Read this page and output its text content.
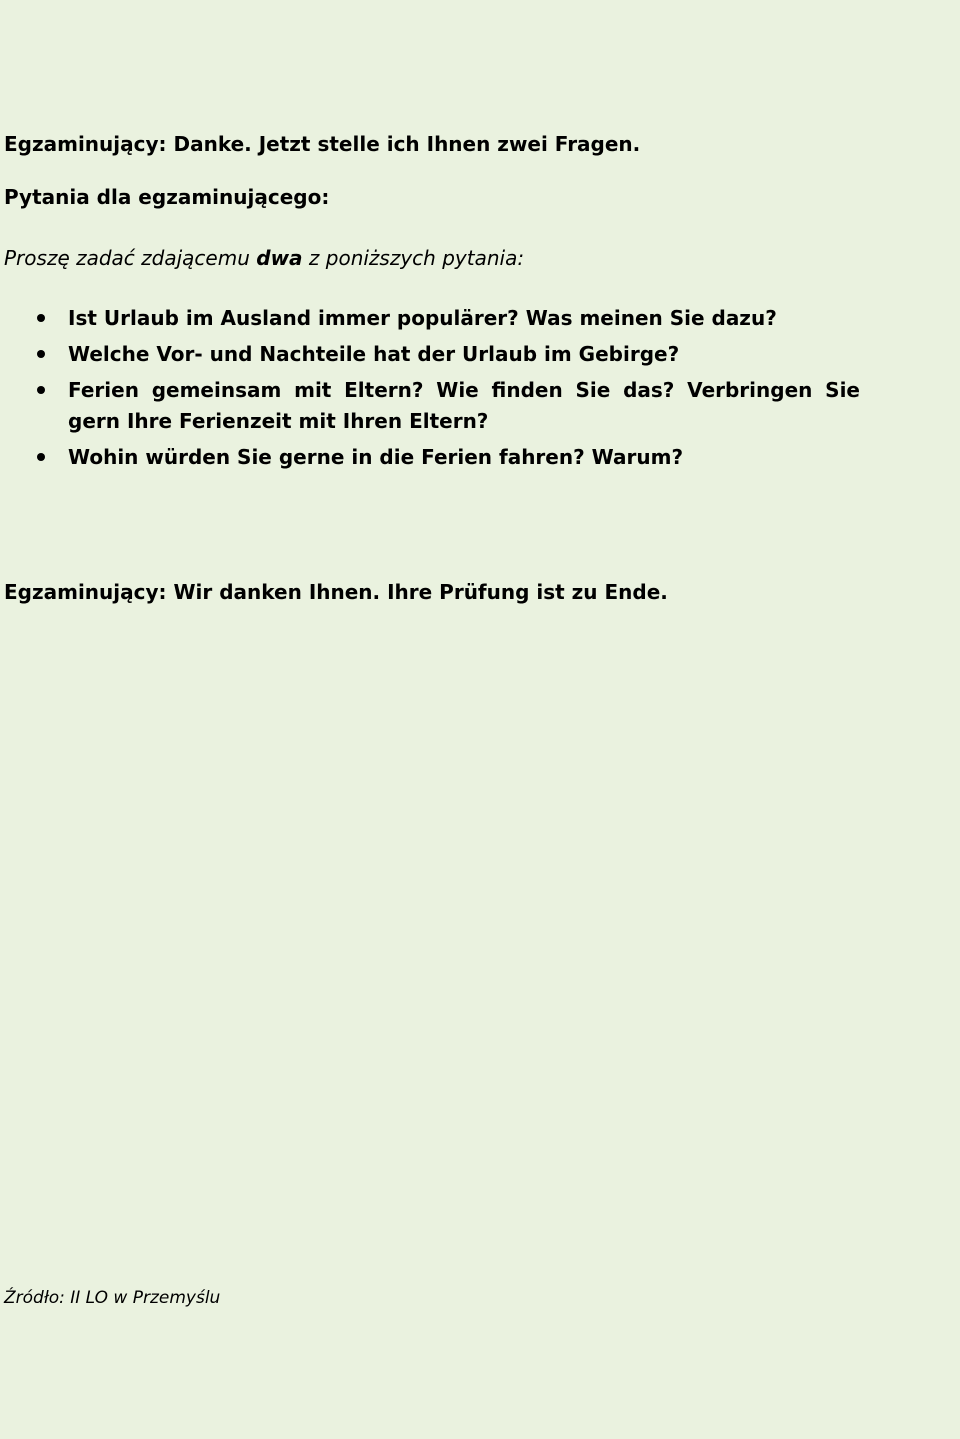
Egzaminujący: Danke. Jetzt stelle ich Ihnen zwei Fragen.
Pytania dla egzaminującego:
Proszę zadać zdającemu dwa z poniższych pytania:
Ist Urlaub im Ausland immer populärer? Was meinen Sie dazu?
Welche Vor- und Nachteile hat der Urlaub im Gebirge?
Ferien gemeinsam mit Eltern? Wie finden Sie das? Verbringen Sie gern Ihre Ferienzeit mit Ihren Eltern?
Wohin würden Sie gerne in die Ferien fahren? Warum?
Egzaminujący: Wir danken Ihnen. Ihre Prüfung ist zu Ende.
Źródło: II LO w Przemyślu
